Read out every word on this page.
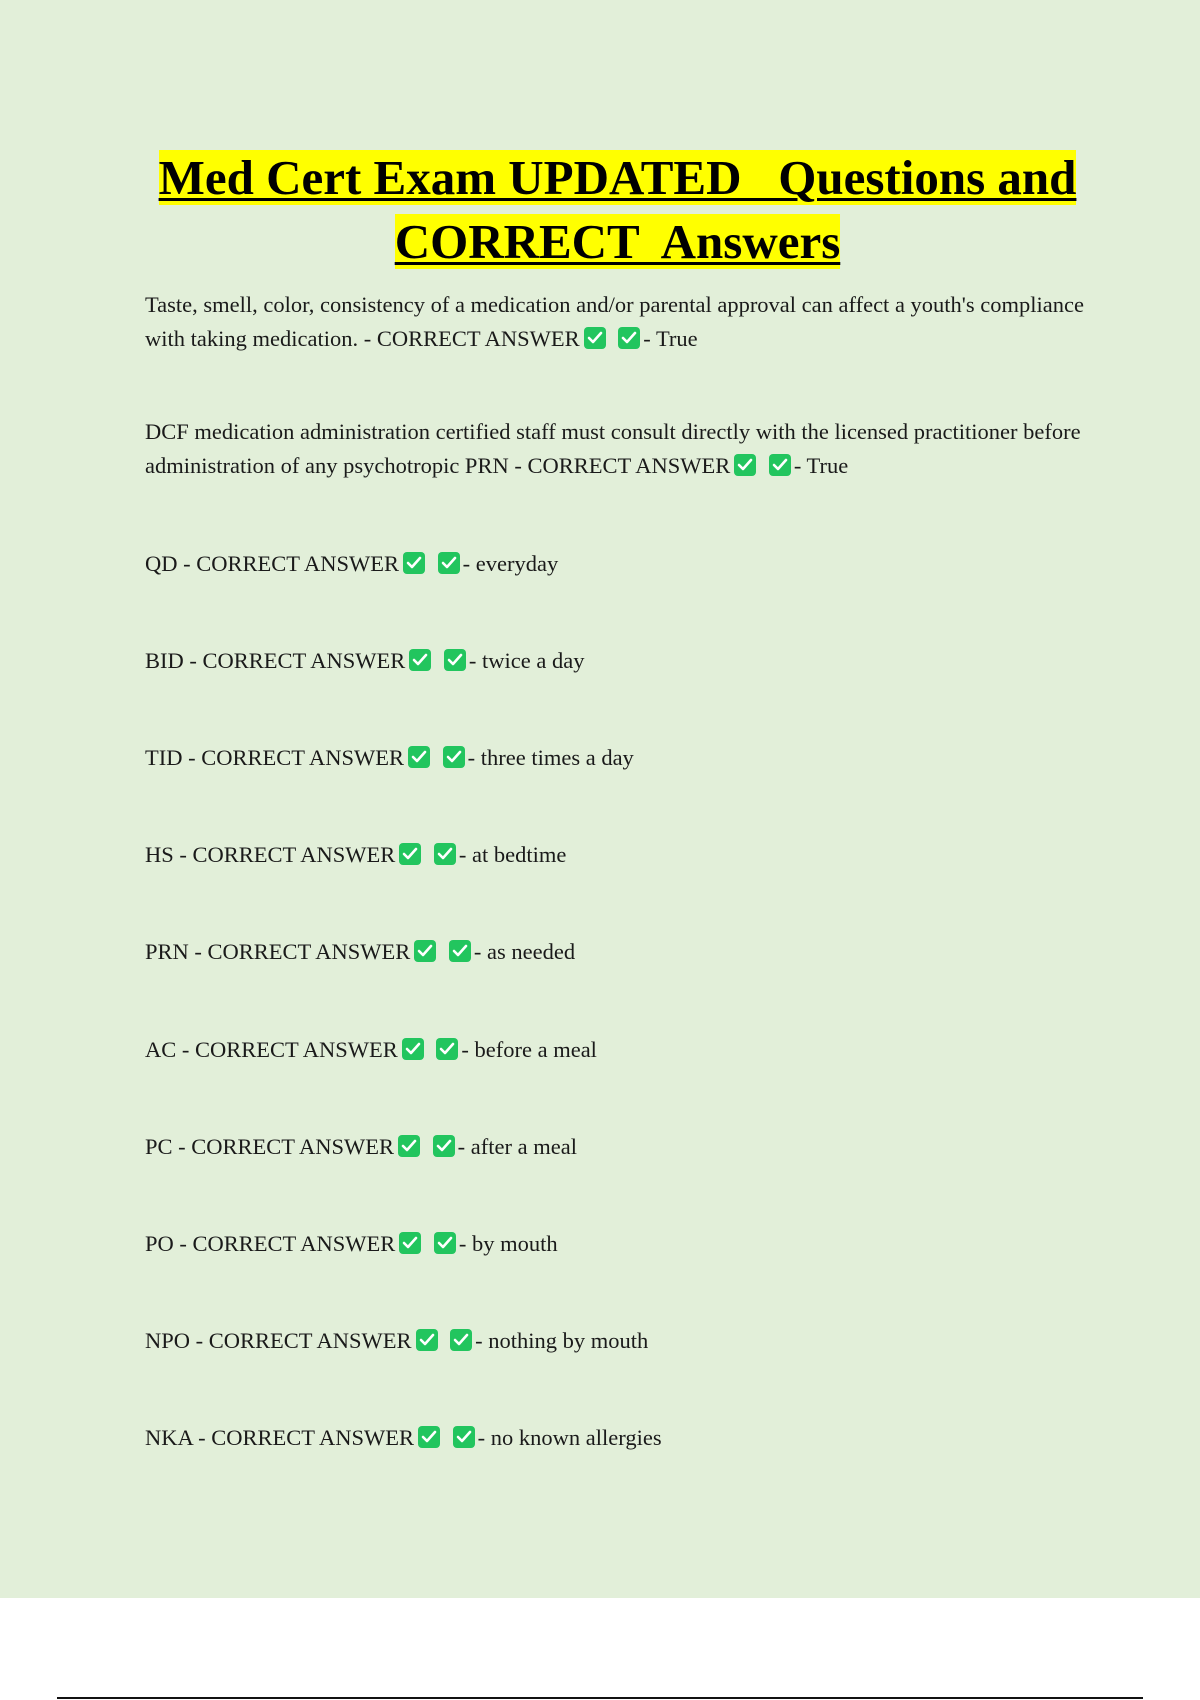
Med Cert Exam UPDATED   Questions and
CORRECT  Answers
Taste, smell, color, consistency of a medication and/or parental approval can affect a youth's compliance with taking medication. - CORRECT ANSWER
	- True
DCF medication administration certified staff must consult directly with the licensed practitioner before administration of any psychotropic PRN - CORRECT ANSWER
	- True
QD - CORRECT ANSWER
	- everyday
BID - CORRECT ANSWER
	- twice a day
TID - CORRECT ANSWER
	- three times a day
HS - CORRECT ANSWER
	- at bedtime
PRN - CORRECT ANSWER
	- as needed
AC - CORRECT ANSWER
	- before a meal
PC - CORRECT ANSWER
	- after a meal
PO - CORRECT ANSWER
	- by mouth
NPO - CORRECT ANSWER
	- nothing by mouth
NKA - CORRECT ANSWER
	- no known allergies
